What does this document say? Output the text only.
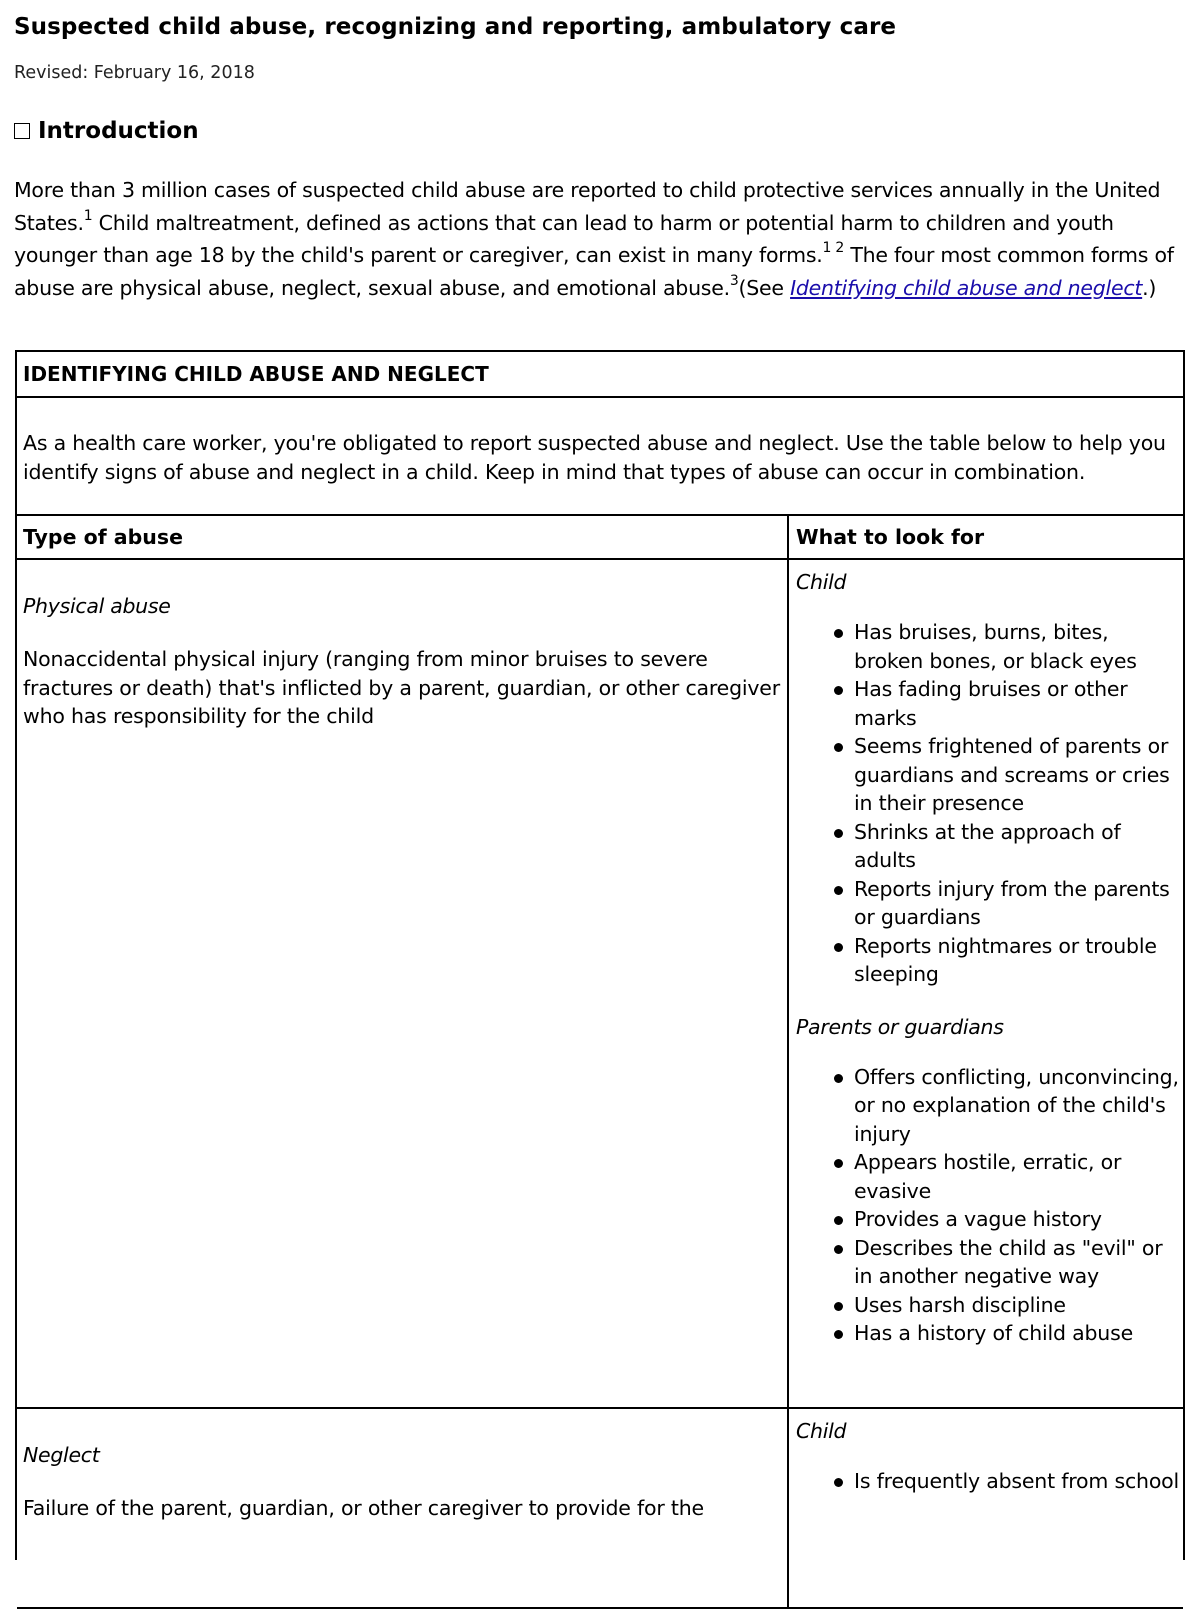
Suspected child abuse, recognizing and reporting, ambulatory care
Revised: February 16, 2018
Introduction
More than 3 million cases of suspected child abuse are reported to child protective services annually in the United States.$^1$ Child maltreatment, defined as actions that can lead to harm or potential harm to children and youth younger than age 18 by the child's parent or caregiver, can exist in many forms.$^{1 2}$ The four most common forms of abuse are physical abuse, neglect, sexual abuse, and emotional abuse.$^3$(See Identifying child abuse and neglect.)
IDENTIFYING CHILD ABUSE AND NEGLECT
As a health care worker, you're obligated to report suspected abuse and neglect. Use the table below to help you identify signs of abuse and neglect in a child. Keep in mind that types of abuse can occur in combination.
Type of abuse	What to look for
Physical abuse
Nonaccidental physical injury (ranging from minor bruises to severe fractures or death) that's inflicted by a parent, guardian, or other caregiver who has responsibility for the child
Child
Has bruises, burns, bites, broken bones, or black eyes
Has fading bruises or other marks
Seems frightened of parents or guardians and screams or cries in their presence
Shrinks at the approach of adults
Reports injury from the parents or guardians
Reports nightmares or trouble sleeping
Parents or guardians
Offers conflicting, unconvincing, or no explanation of the child's injury
Appears hostile, erratic, or evasive
Provides a vague history
Describes the child as "evil" or in another negative way
Uses harsh discipline
Has a history of child abuse
Neglect
Failure of the parent, guardian, or other caregiver to provide for the
Child
Is frequently absent from school
